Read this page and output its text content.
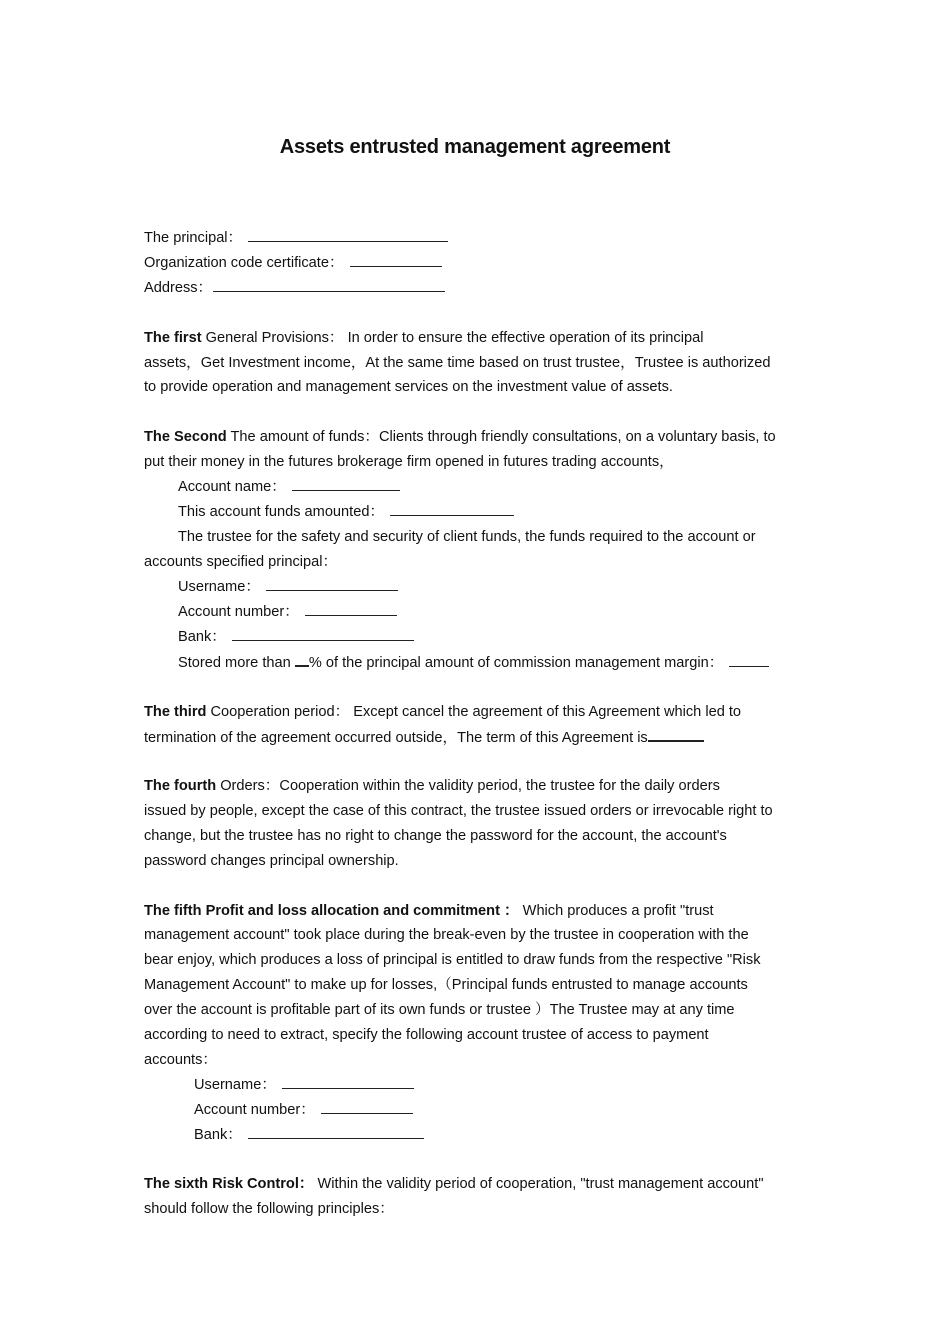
Assets entrusted management agreement
The principal：
Organization code certificate：
Address：
The first General Provisions： In order to ensure the effective operation of its principal
assets，Get Investment income，At the same time based on trust trustee，Trustee is authorized
to provide operation and management services on the investment value of assets.
The Second The amount of funds：Clients through friendly consultations, on a voluntary basis, to
put their money in the futures brokerage firm opened in futures trading accounts，
Account name：
This account funds amounted：
The trustee for the safety and security of client funds, the funds required to the account or
accounts specified principal：
Username：
Account number：
Bank：
Stored more than % of the principal amount of commission management margin：
The third Cooperation period： Except cancel the agreement of this Agreement which led to
termination of the agreement occurred outside，The term of this Agreement is
The fourth Orders：Cooperation within the validity period, the trustee for the daily orders
issued by people, except the case of this contract, the trustee issued orders or irrevocable right to
change, but the trustee has no right to change the password for the account, the account's
password changes principal ownership.
The fifth Profit and loss allocation and commitment ： Which produces a profit "trust
management account" took place during the break-even by the trustee in cooperation with the
bear enjoy, which produces a loss of principal is entitled to draw funds from the respective "Risk
Management Account" to make up for losses,（Principal funds entrusted to manage accounts
over the account is profitable part of its own funds or trustee ）The Trustee may at any time
according to need to extract, specify the following account trustee of access to payment
accounts：
Username：
Account number：
Bank：
The sixth Risk Control： Within the validity period of cooperation, "trust management account"
should follow the following principles：
